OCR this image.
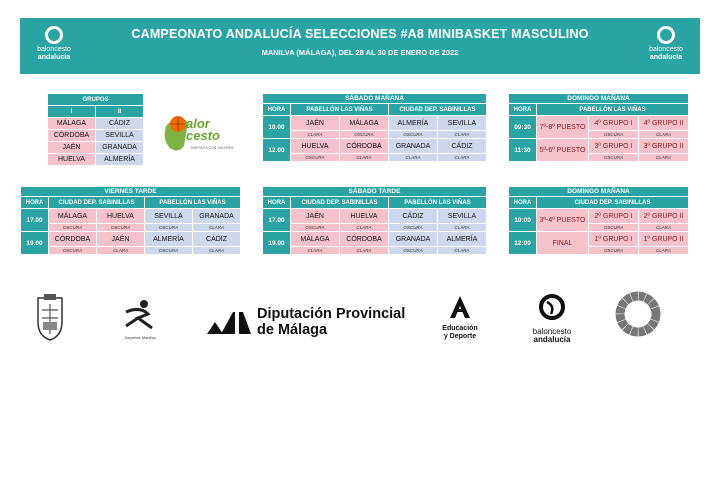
baloncesto
andalucía
CAMPEONATO ANDALUCÍA SELECCIONES #A8 MINIBASKET MASCULINO
MANILVA (MÁLAGA), DEL 28 AL 30 DE ENERO DE 2022	baloncesto
andalucía
GRUPOS	
I	II
MÁLAGA	CÁDIZ
CÓRDOBA	SEVILLA
JAÉN	GRANADA
HUELVA	ALMERÍA
alor cesto
DISFRUTA CON VALORES
SÁBADO MAÑANA				
HORA	PABELLÓN LAS VIÑAS		CIUDAD DEP. SABINILLAS	
10.00	JAÉN	MÁLAGA	ALMERÍA	SEVILLA
	CLARA	OSCURA	OSCURA	CLARA
12.00	HUELVA	CÓRDOBA	GRANADA	CÁDIZ
	OSCURA	CLARA	CLARA	CLARA
DOMINGO MAÑANA			
HORA	PABELLÓN LAS VIÑAS		
09:30	7º-8º PUESTO	4º GRUPO I	4º GRUPO II
		OSCURA	CLARA
11:30	5º-6º PUESTO	3º GRUPO I	3º GRUPO II
		OSCURA	CLARA
VIERNES TARDE				
HORA	CIUDAD DEP. SABINILLAS		PABELLÓN LAS VIÑAS	
17.00	MÁLAGA	HUELVA	SEVILLA	GRANADA
	OSCURA	OSCURA	OSCURA	CLARA
19.00	CÓRDOBA	JAÉN	ALMERÍA	CÁDIZ
	OSCURA	CLARA	OSCURA	CLARA
SÁBADO TARDE				
HORA	CIUDAD DEP. SABINILLAS		PABELLÓN LAS VIÑAS	
17.00	JAÉN	HUELVA	CÁDIZ	SEVILLA
	OSCURA	CLARA	OSCURA	CLARA
19.00	MÁLAGA	CÓRDOBA	GRANADA	ALMERÍA
	CLARA	CLARA	OSCURA	CLARA
DOMINGO MAÑANA			
HORA	CIUDAD DEP. SABINILLAS		
10:00	3º-4º PUESTO	2º GRUPO I	2º GRUPO II
		OSCURA	CLARA
12:00	FINAL	1º GRUPO I	1º GRUPO II
		OSCURA	CLARA
Deportes Manilva
Diputación Provincial
de Málaga	Educación
y Deporte
baloncesto
andalucía
